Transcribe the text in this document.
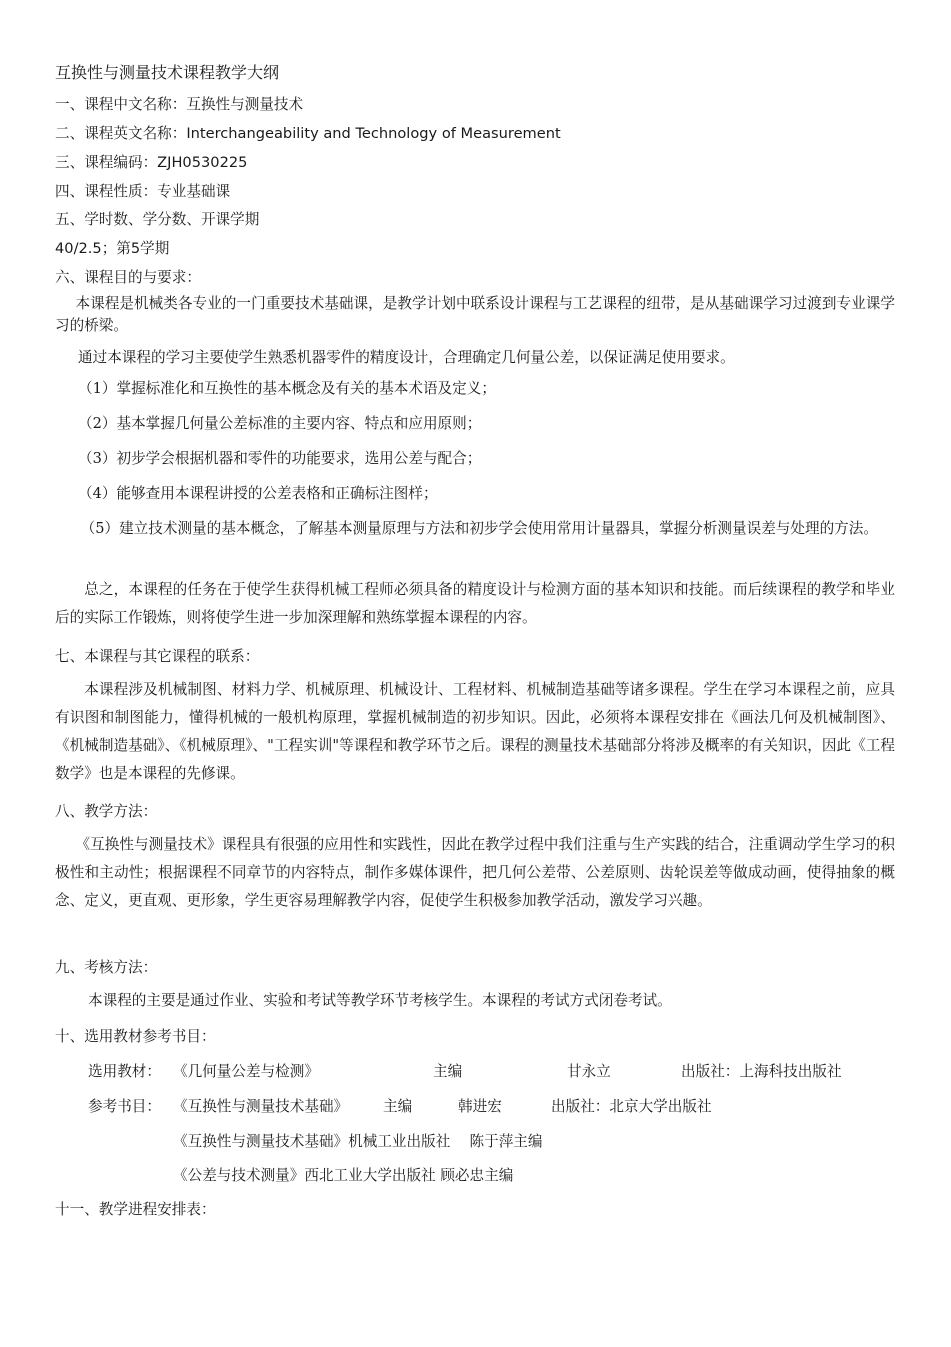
互换性与测量技术课程教学大纲
一、课程中文名称：互换性与测量技术
二、课程英文名称：Interchangeability and Technology of Measurement
三、课程编码：ZJH0530225
四、课程性质：专业基础课
五、学时数、学分数、开课学期
40/2.5；第5学期
六、课程目的与要求：
本课程是机械类各专业的一门重要技术基础课，是教学计划中联系设计课程与工艺课程的纽带，是从基础课学习过渡到专业课学习的桥梁。
通过本课程的学习主要使学生熟悉机器零件的精度设计，合理确定几何量公差，以保证满足使用要求。
（1）掌握标准化和互换性的基本概念及有关的基本术语及定义；
（2）基本掌握几何量公差标准的主要内容、特点和应用原则；
（3）初步学会根据机器和零件的功能要求，选用公差与配合；
（4）能够查用本课程讲授的公差表格和正确标注图样；
（5）建立技术测量的基本概念，了解基本测量原理与方法和初步学会使用常用计量器具，掌握分析测量误差与处理的方法。
总之，本课程的任务在于使学生获得机械工程师必须具备的精度设计与检测方面的基本知识和技能。而后续课程的教学和毕业后的实际工作锻炼，则将使学生进一步加深理解和熟练掌握本课程的内容。
七、本课程与其它课程的联系：
本课程涉及机械制图、材料力学、机械原理、机械设计、工程材料、机械制造基础等诸多课程。学生在学习本课程之前，应具有识图和制图能力，懂得机械的一般机构原理，掌握机械制造的初步知识。因此，必须将本课程安排在《画法几何及机械制图》、《机械制造基础》、《机械原理》、"工程实训"等课程和教学环节之后。课程的测量技术基础部分将涉及概率的有关知识，因此《工程数学》也是本课程的先修课。
八、教学方法：
《互换性与测量技术》课程具有很强的应用性和实践性，因此在教学过程中我们注重与生产实践的结合，注重调动学生学习的积极性和主动性；根据课程不同章节的内容特点，制作多媒体课件，把几何公差带、公差原则、齿轮误差等做成动画，使得抽象的概念、定义，更直观、更形象，学生更容易理解教学内容，促使学生积极参加教学活动，激发学习兴趣。
九、考核方法：
本课程的主要是通过作业、实验和考试等教学环节考核学生。本课程的考试方式闭卷考试。
十、选用教材参考书目：
选用教材： 《几何量公差与检测》	主编	甘永立	出版社：上海科技出版社
参考书目： 《互换性与测量技术基础》 主编	韩进宏	出版社：北京大学出版社
《互换性与测量技术基础》机械工业出版社　 陈于萍主编
《公差与技术测量》西北工业大学出版社 顾必忠主编
十一、教学进程安排表：
